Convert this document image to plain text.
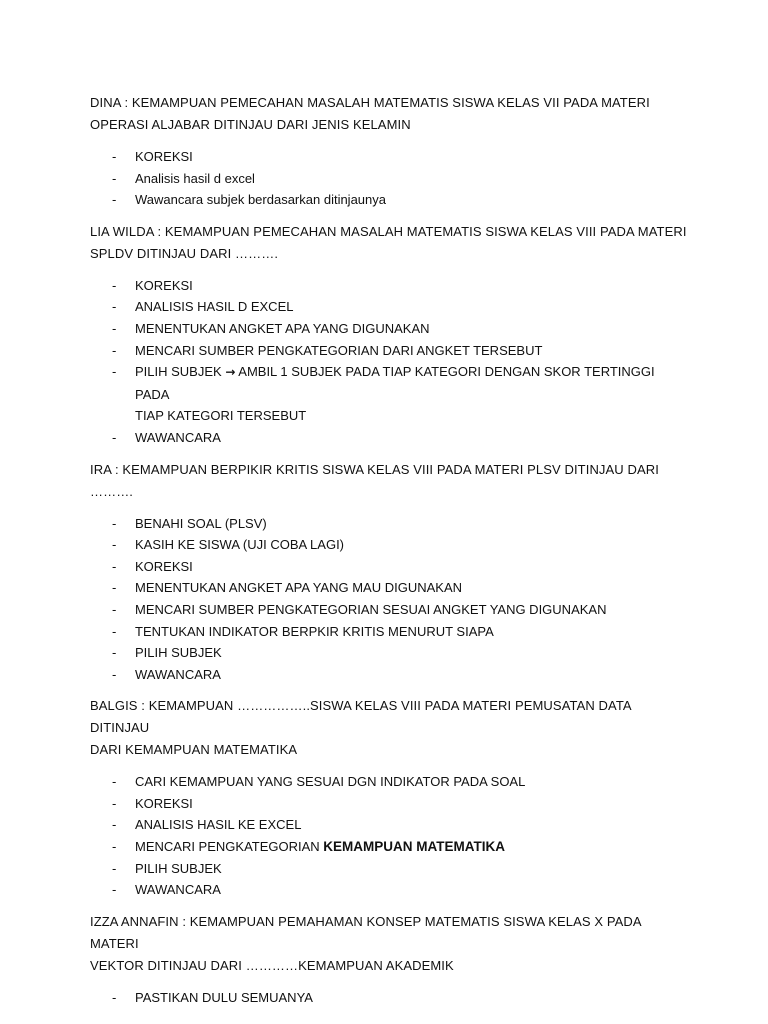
DINA : KEMAMPUAN PEMECAHAN MASALAH MATEMATIS SISWA KELAS VII PADA MATERI
OPERASI ALJABAR DITINJAU DARI JENIS KELAMIN

- KOREKSI
- Analisis hasil d excel
- Wawancara subjek berdasarkan ditinjaunya

LIA WILDA : KEMAMPUAN PEMECAHAN MASALAH MATEMATIS SISWA KELAS VIII PADA MATERI
SPLDV DITINJAU DARI ……….

- KOREKSI
- ANALISIS HASIL D EXCEL
- MENENTUKAN ANGKET APA YANG DIGUNAKAN
- MENCARI SUMBER PENGKATEGORIAN DARI ANGKET TERSEBUT
- PILIH SUBJEK → AMBIL 1 SUBJEK PADA TIAP KATEGORI DENGAN SKOR TERTINGGI PADA
TIAP KATEGORI TERSEBUT
- WAWANCARA

IRA : KEMAMPUAN BERPIKIR KRITIS SISWA KELAS VIII PADA MATERI PLSV DITINJAU DARI ……….

- BENAHI SOAL (PLSV)
- KASIH KE SISWA (UJI COBA LAGI)
- KOREKSI
- MENENTUKAN ANGKET APA YANG MAU DIGUNAKAN
- MENCARI SUMBER PENGKATEGORIAN SESUAI ANGKET YANG DIGUNAKAN
- TENTUKAN INDIKATOR BERPKIR KRITIS MENURUT SIAPA
- PILIH SUBJEK
- WAWANCARA

BALGIS : KEMAMPUAN ……………..SISWA KELAS VIII PADA MATERI PEMUSATAN DATA DITINJAU
DARI KEMAMPUAN MATEMATIKA

- CARI KEMAMPUAN YANG SESUAI DGN INDIKATOR PADA SOAL
- KOREKSI
- ANALISIS HASIL KE EXCEL
- MENCARI PENGKATEGORIAN KEMAMPUAN MATEMATIKA
- PILIH SUBJEK
- WAWANCARA

IZZA ANNAFIN : KEMAMPUAN PEMAHAMAN KONSEP MATEMATIS SISWA KELAS X PADA MATERI
VEKTOR DITINJAU DARI …………KEMAMPUAN AKADEMIK

- PASTIKAN DULU SEMUANYA
